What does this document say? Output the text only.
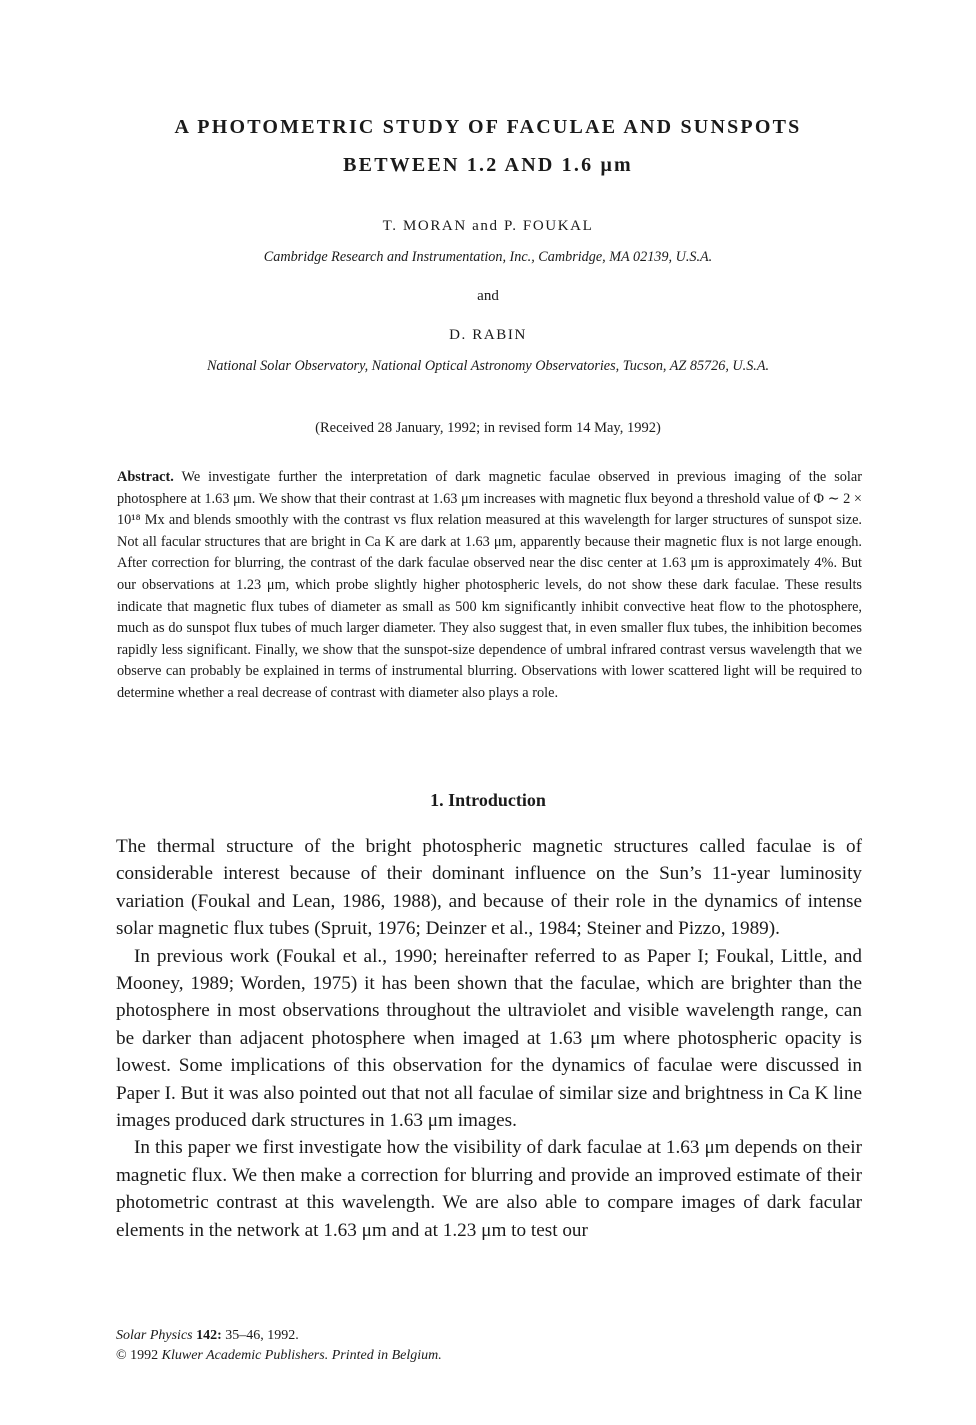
A PHOTOMETRIC STUDY OF FACULAE AND SUNSPOTS
BETWEEN 1.2 AND 1.6 μm
T. MORAN and P. FOUKAL
Cambridge Research and Instrumentation, Inc., Cambridge, MA 02139, U.S.A.
and
D. RABIN
National Solar Observatory, National Optical Astronomy Observatories, Tucson, AZ 85726, U.S.A.
(Received 28 January, 1992; in revised form 14 May, 1992)
Abstract. We investigate further the interpretation of dark magnetic faculae observed in previous imaging of the solar photosphere at 1.63 μm. We show that their contrast at 1.63 μm increases with magnetic flux beyond a threshold value of Φ ∼ 2 × 10¹⁸ Mx and blends smoothly with the contrast vs flux relation measured at this wavelength for larger structures of sunspot size. Not all facular structures that are bright in Ca K are dark at 1.63 μm, apparently because their magnetic flux is not large enough. After correction for blurring, the contrast of the dark faculae observed near the disc center at 1.63 μm is approximately 4%. But our observations at 1.23 μm, which probe slightly higher photospheric levels, do not show these dark faculae. These results indicate that magnetic flux tubes of diameter as small as 500 km significantly inhibit convective heat flow to the photosphere, much as do sunspot flux tubes of much larger diameter. They also suggest that, in even smaller flux tubes, the inhibition becomes rapidly less significant. Finally, we show that the sunspot-size dependence of umbral infrared contrast versus wavelength that we observe can probably be explained in terms of instrumental blurring. Observations with lower scattered light will be required to determine whether a real decrease of contrast with diameter also plays a role.
1. Introduction

The thermal structure of the bright photospheric magnetic structures called faculae is of considerable interest because of their dominant influence on the Sun’s 11-year luminosity variation (Foukal and Lean, 1986, 1988), and because of their role in the dynamics of intense solar magnetic flux tubes (Spruit, 1976; Deinzer et al., 1984; Steiner and Pizzo, 1989).

In previous work (Foukal et al., 1990; hereinafter referred to as Paper I; Foukal, Little, and Mooney, 1989; Worden, 1975) it has been shown that the faculae, which are brighter than the photosphere in most observations throughout the ultraviolet and visible wavelength range, can be darker than adjacent photosphere when imaged at 1.63 μm where photospheric opacity is lowest. Some implications of this observation for the dynamics of faculae were discussed in Paper I. But it was also pointed out that not all faculae of similar size and brightness in Ca K line images produced dark structures in 1.63 μm images.

In this paper we first investigate how the visibility of dark faculae at 1.63 μm depends on their magnetic flux. We then make a correction for blurring and provide an improved estimate of their photometric contrast at this wavelength. We are also able to compare images of dark facular elements in the network at 1.63 μm and at 1.23 μm to test our

Solar Physics 142: 35–46, 1992.
© 1992 Kluwer Academic Publishers. Printed in Belgium.
